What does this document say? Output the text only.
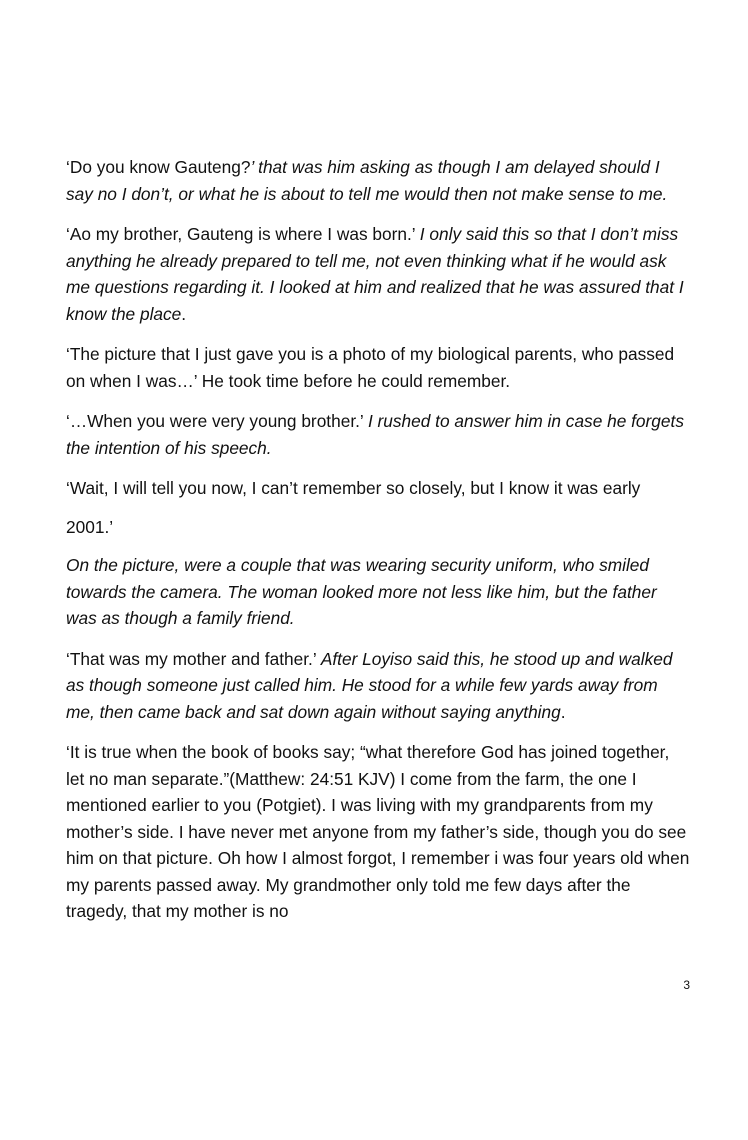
‘Do you know Gauteng?’ that was him asking as though I am delayed should I say no I don’t, or what he is about to tell me would then not make sense to me.

‘Ao my brother, Gauteng is where I was born.’ I only said this so that I don’t miss anything he already prepared to tell me, not even thinking what if he would ask me questions regarding it. I looked at him and realized that he was assured that I know the place.

‘The picture that I just gave you is a photo of my biological parents, who passed on when I was…’ He took time before he could remember.

‘…When you were very young brother.’ I rushed to answer him in case he forgets the intention of his speech.

‘Wait, I will tell you now, I can’t remember so closely, but I know it was early

2001.’

On the picture, were a couple that was wearing security uniform, who smiled towards the camera. The woman looked more not less like him, but the father was as though a family friend.

‘That was my mother and father.’ After Loyiso said this, he stood up and walked as though someone just called him. He stood for a while few yards away from me, then came back and sat down again without saying anything.

‘It is true when the book of books say; “what therefore God has joined together, let no man separate.”(Matthew: 24:51 KJV) I come from the farm, the one I mentioned earlier to you (Potgiet). I was living with my grandparents from my mother’s side. I have never met anyone from my father’s side, though you do see him on that picture. Oh how I almost forgot, I remember i was four years old when my parents passed away. My grandmother only told me few days after the tragedy, that my mother is no

3
